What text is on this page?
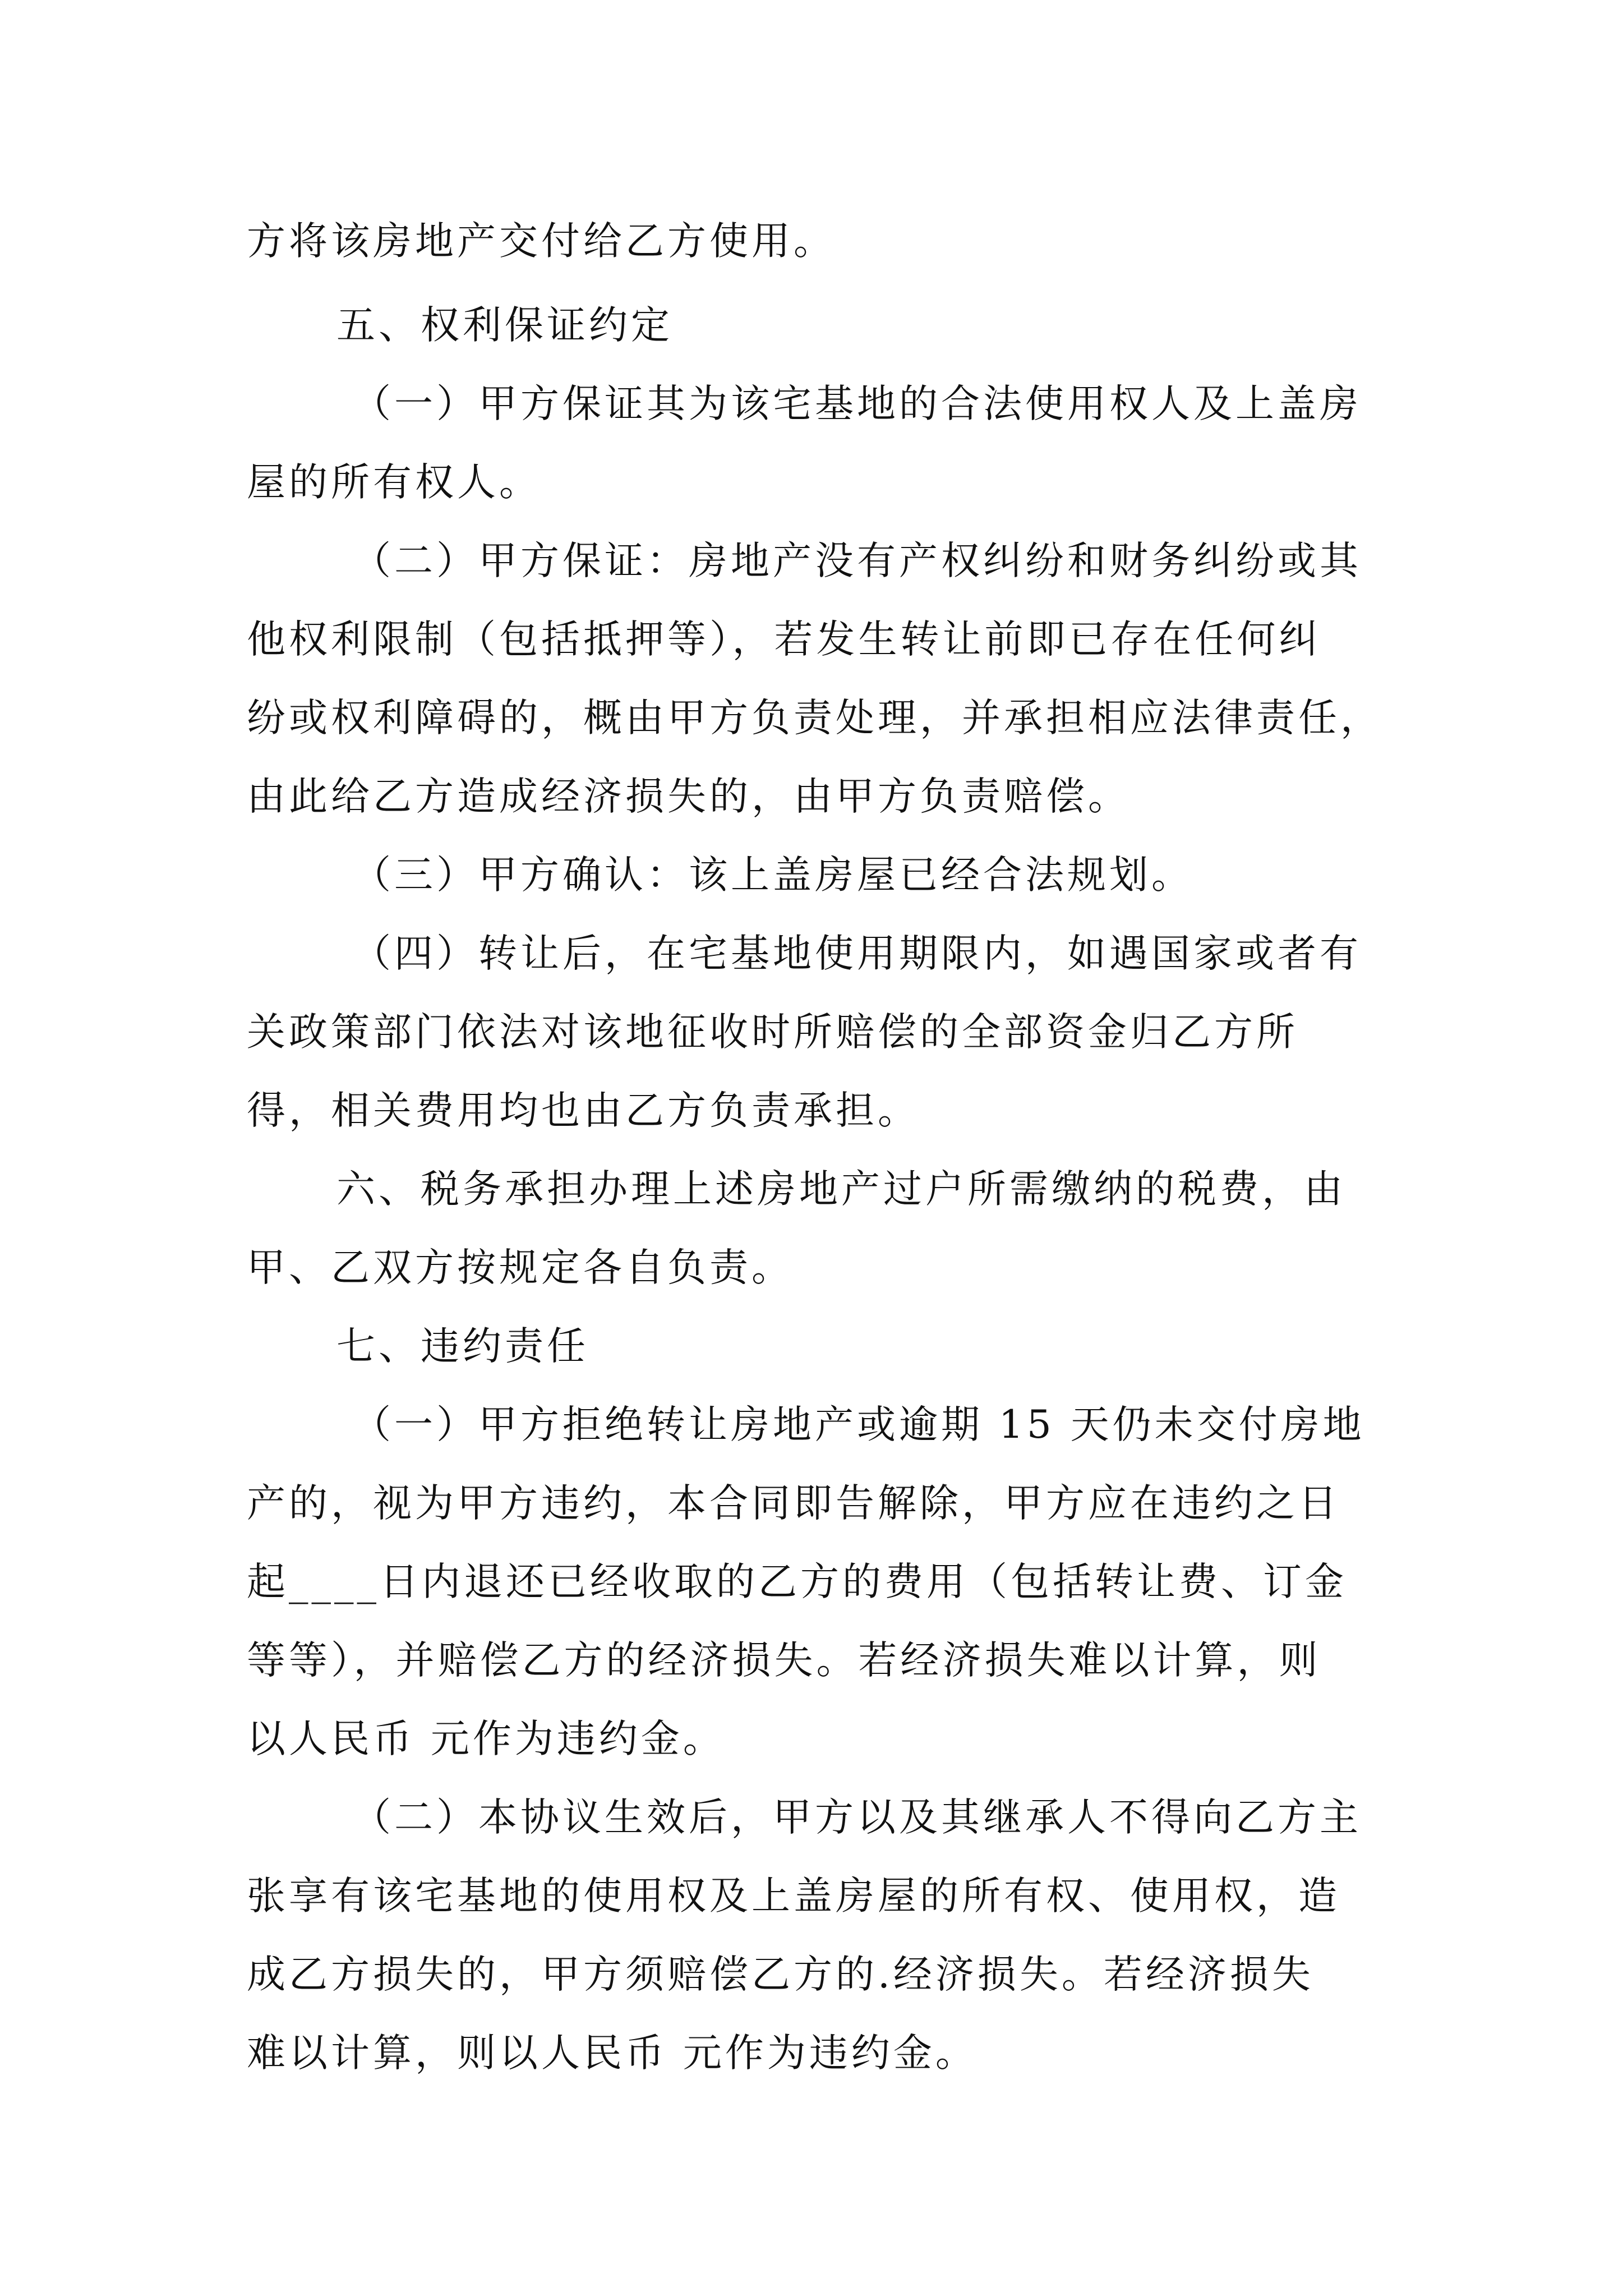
方将该房地产交付给乙方使用。
五、权利保证约定
（一）甲方保证其为该宅基地的合法使用权人及上盖房
屋的所有权人。
（二）甲方保证：房地产没有产权纠纷和财务纠纷或其
他权利限制（包括抵押等），若发生转让前即已存在任何纠
纷或权利障碍的，概由甲方负责处理，并承担相应法律责任，
由此给乙方造成经济损失的，由甲方负责赔偿。
（三）甲方确认：该上盖房屋已经合法规划。
（四）转让后，在宅基地使用期限内，如遇国家或者有
关政策部门依法对该地征收时所赔偿的全部资金归乙方所
得，相关费用均也由乙方负责承担。
六、税务承担办理上述房地产过户所需缴纳的税费，由
甲、乙双方按规定各自负责。
七、违约责任
（一）甲方拒绝转让房地产或逾期 15 天仍未交付房地
产的，视为甲方违约，本合同即告解除，甲方应在违约之日
起____日内退还已经收取的乙方的费用（包括转让费、订金
等等），并赔偿乙方的经济损失。若经济损失难以计算，则
以人民币 元作为违约金。
（二）本协议生效后，甲方以及其继承人不得向乙方主
张享有该宅基地的使用权及上盖房屋的所有权、使用权，造
成乙方损失的，甲方须赔偿乙方的.经济损失。若经济损失
难以计算，则以人民币 元作为违约金。
